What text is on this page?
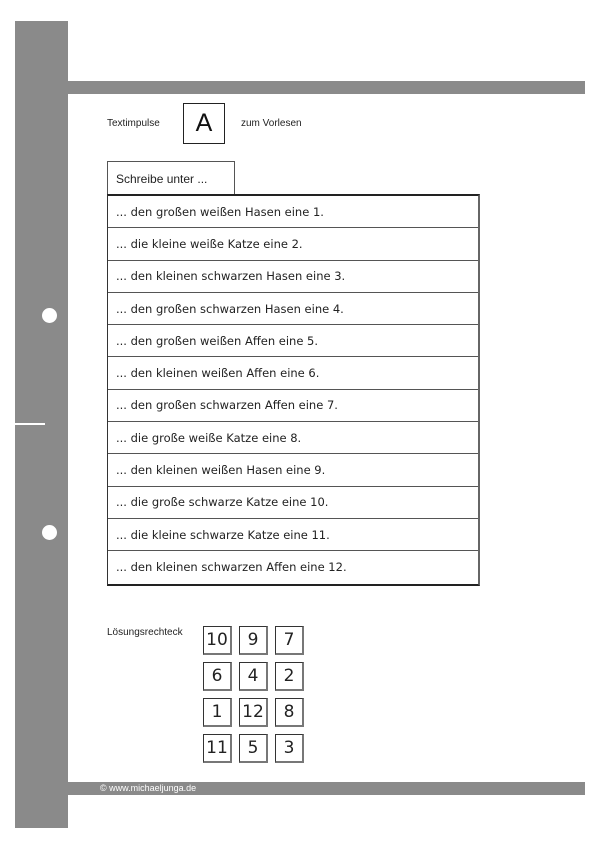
Textimpulse	A	zum Vorlesen
Schreibe unter ...
... den großen weißen Hasen eine 1.
... die kleine weiße Katze eine 2.
... den kleinen schwarzen Hasen eine 3.
... den großen schwarzen Hasen eine 4.
... den großen weißen Affen eine 5.
... den kleinen weißen Affen eine 6.
... den großen schwarzen Affen eine 7.
... die große weiße Katze eine 8.
... den kleinen weißen Hasen eine 9.
... die große schwarze Katze eine 10.
... die kleine schwarze Katze eine 11.
... den kleinen schwarzen Affen eine 12.
Lösungsrechteck 10	9	7
6	4	2
1	12	8
11	5	3
© www.michaeljunga.de
